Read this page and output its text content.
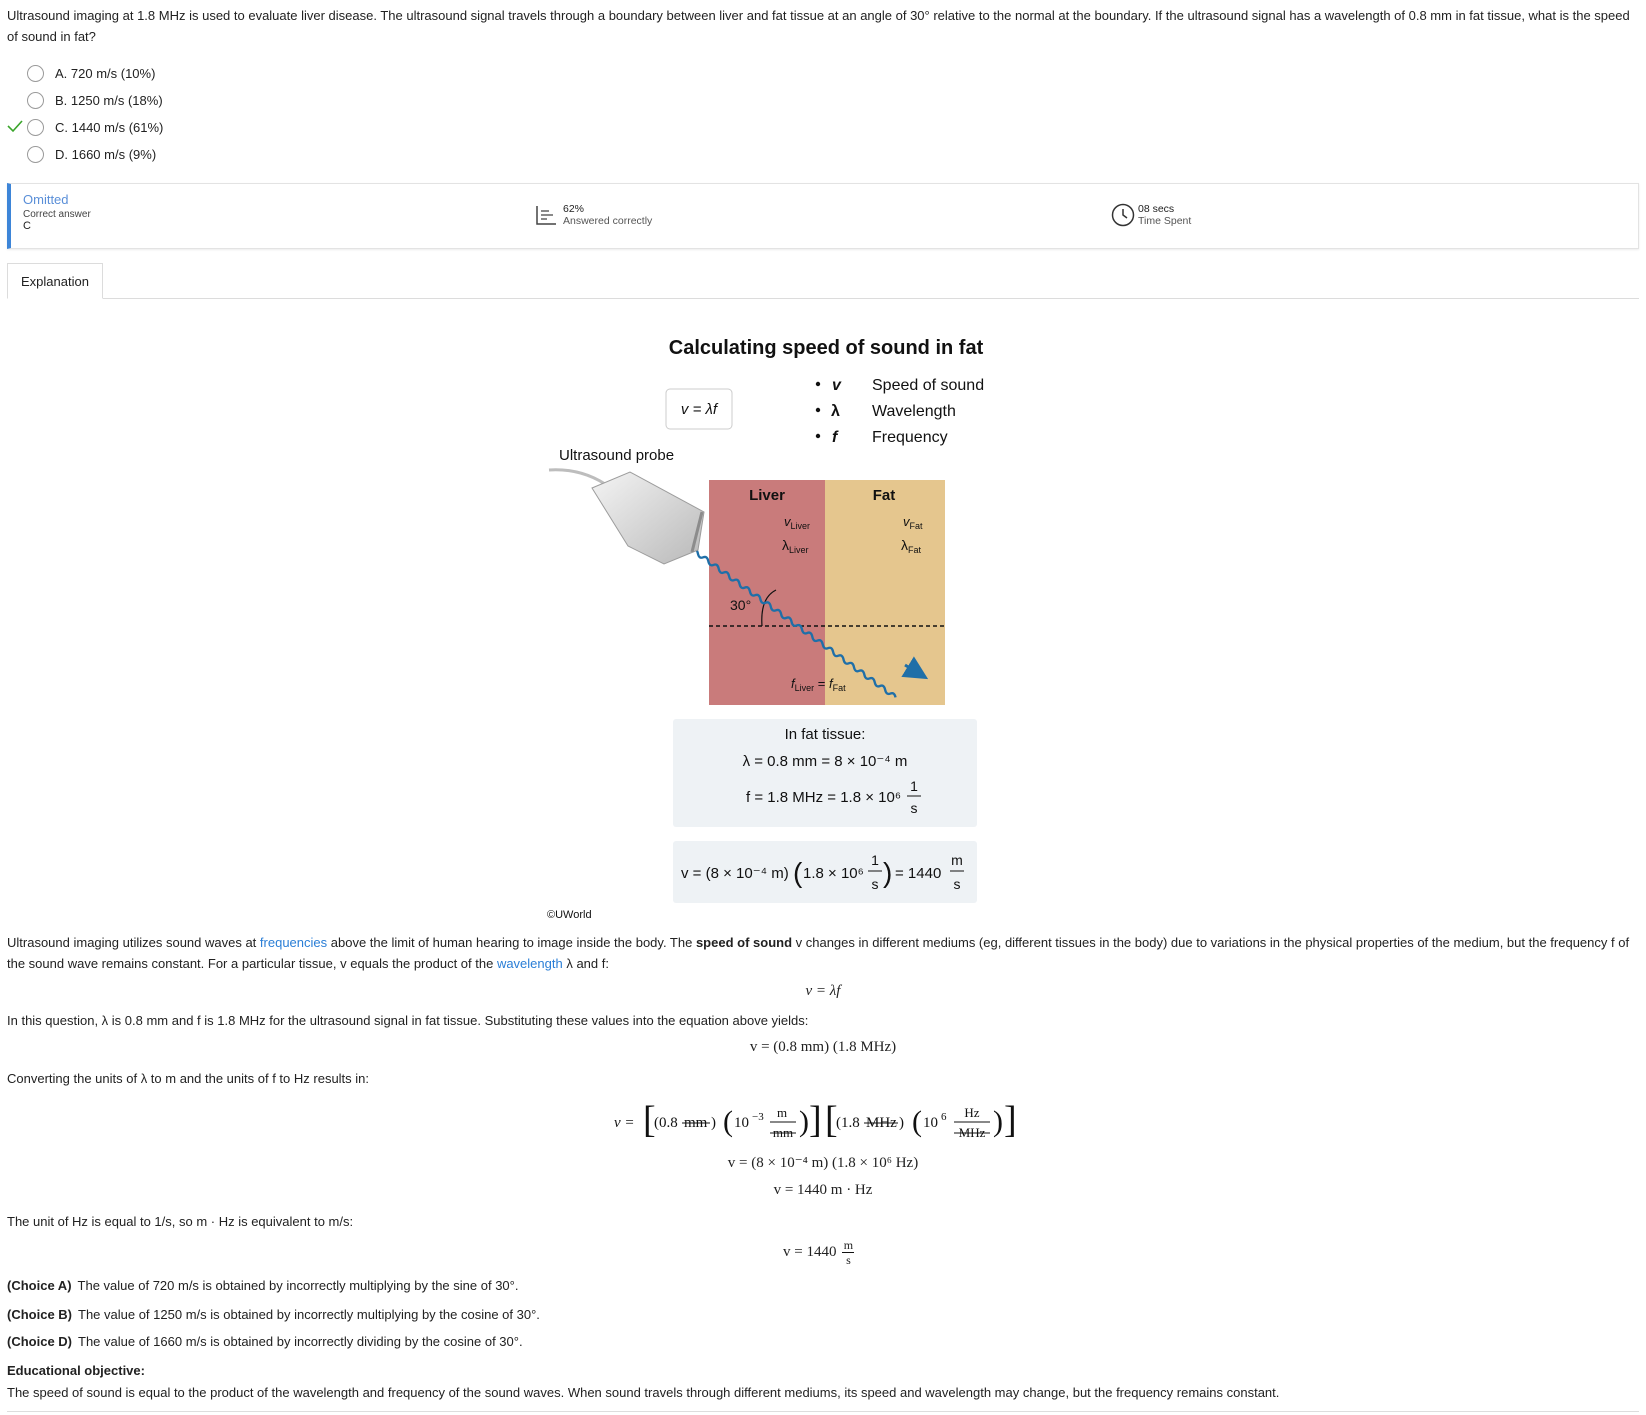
Ultrasound imaging at 1.8 MHz is used to evaluate liver disease. The ultrasound signal travels through a boundary between liver and fat tissue at an angle of 30° relative to the normal at the boundary. If the ultrasound signal has a wavelength of 0.8 mm in fat tissue, what is the speed of sound in fat?
A. 720 m/s (10%)
B. 1250 m/s (18%)
C. 1440 m/s (61%)
D. 1660 m/s (9%)
Omitted
Correct answer
C
62%
Answered correctly
08 secs
Time Spent
Explanation
Calculating speed of sound in fat
v = λf
v Speed of sound
λ Wavelength
f Frequency
Ultrasound probe
Liver	Fat
$v_{Liver}$
$\lambda_{Liver}$
$v_{Fat}$
$\lambda_{Fat}$
$f_{Liver} = f_{Fat}$
30°
In fat tissue:
λ = 0.8 mm = 8 × 10⁻⁴ m
f = 1.8 MHz = 1.8 × 10⁶
1
s
v = (8 × 10⁻⁴ m) ( 1.8 × 10⁶
1
s ) = 1440
m
s
©UWorld
Ultrasound imaging utilizes sound waves at frequencies above the limit of human hearing to image inside the body. The speed of sound v changes in different mediums (eg, different tissues in the body) due to variations in the physical properties of the medium, but the frequency f of the sound wave remains constant. For a particular tissue, v equals the product of the wavelength λ and f:
v = λf
In this question, λ is 0.8 mm and f is 1.8 MHz for the ultrasound signal in fat tissue. Substituting these values into the equation above yields:
v = (0.8 mm) (1.8 MHz)
Converting the units of λ to m and the units of f to Hz results in:
v = [
(0.8 mm ) ( 10 −3 m
mm ) ] [
(1.8 MHz ) ( 10 6 Hz
MHz ) ]
v = (8 × 10⁻⁴ m) (1.8 × 10⁶ Hz)
v = 1440 m · Hz
The unit of Hz is equal to 1/s, so m · Hz is equivalent to m/s:
v = 1440 m
s
(Choice A) The value of 720 m/s is obtained by incorrectly multiplying by the sine of 30°.
(Choice B) The value of 1250 m/s is obtained by incorrectly multiplying by the cosine of 30°.
(Choice D) The value of 1660 m/s is obtained by incorrectly dividing by the cosine of 30°.
Educational objective:
The speed of sound is equal to the product of the wavelength and frequency of the sound waves. When sound travels through different mediums, its speed and wavelength may change, but the frequency remains constant.
